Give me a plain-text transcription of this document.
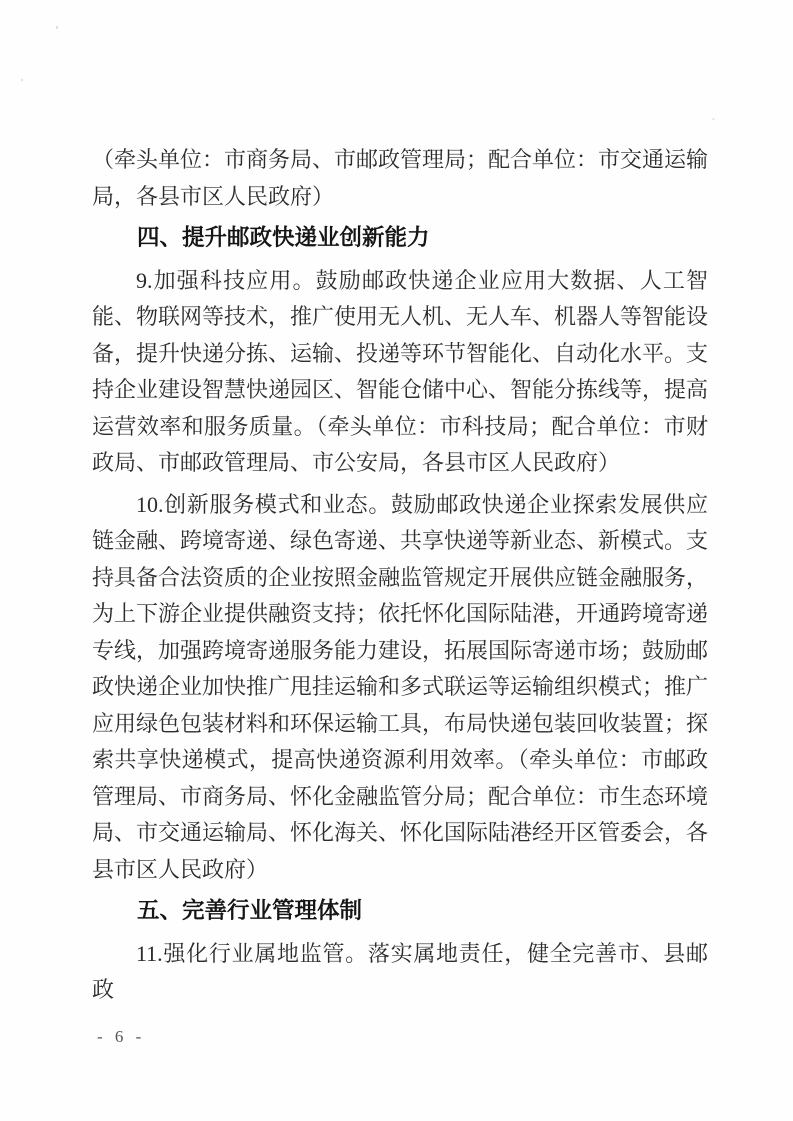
（牵头单位：市商务局、市邮政管理局；配合单位：市交通运输局，各县市区人民政府）

四、提升邮政快递业创新能力

9.加强科技应用。鼓励邮政快递企业应用大数据、人工智能、物联网等技术，推广使用无人机、无人车、机器人等智能设备，提升快递分拣、运输、投递等环节智能化、自动化水平。支持企业建设智慧快递园区、智能仓储中心、智能分拣线等，提高运营效率和服务质量。（牵头单位：市科技局；配合单位：市财政局、市邮政管理局、市公安局，各县市区人民政府）

10.创新服务模式和业态。鼓励邮政快递企业探索发展供应链金融、跨境寄递、绿色寄递、共享快递等新业态、新模式。支持具备合法资质的企业按照金融监管规定开展供应链金融服务，为上下游企业提供融资支持；依托怀化国际陆港，开通跨境寄递专线，加强跨境寄递服务能力建设，拓展国际寄递市场；鼓励邮政快递企业加快推广甩挂运输和多式联运等运输组织模式；推广应用绿色包装材料和环保运输工具，布局快递包装回收装置；探索共享快递模式，提高快递资源利用效率。（牵头单位：市邮政管理局、市商务局、怀化金融监管分局；配合单位：市生态环境局、市交通运输局、怀化海关、怀化国际陆港经开区管委会，各县市区人民政府）

五、完善行业管理体制

11.强化行业属地监管。落实属地责任，健全完善市、县邮政

- 6 -
